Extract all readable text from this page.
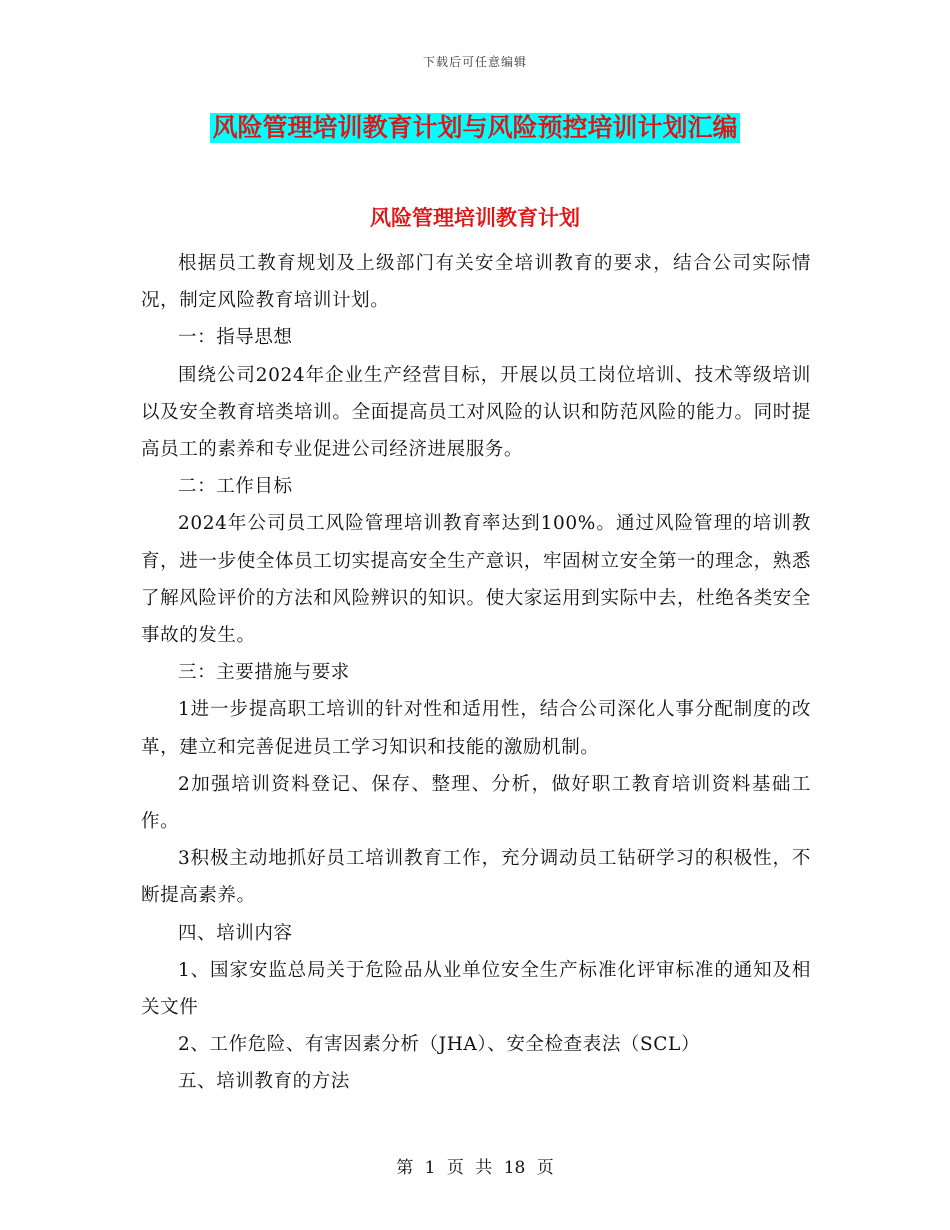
下载后可任意编辑
风险管理培训教育计划与风险预控培训计划汇编
风险管理培训教育计划

根据员工教育规划及上级部门有关安全培训教育的要求，结合公司实际情况，制定风险教育培训计划。

一：指导思想

围绕公司2024年企业生产经营目标，开展以员工岗位培训、技术等级培训以及安全教育培类培训。全面提高员工对风险的认识和防范风险的能力。同时提高员工的素养和专业促进公司经济进展服务。

二：工作目标

2024年公司员工风险管理培训教育率达到100%。通过风险管理的培训教育，进一步使全体员工切实提高安全生产意识，牢固树立安全第一的理念，熟悉了解风险评价的方法和风险辨识的知识。使大家运用到实际中去，杜绝各类安全事故的发生。

三：主要措施与要求

1进一步提高职工培训的针对性和适用性，结合公司深化人事分配制度的改革，建立和完善促进员工学习知识和技能的激励机制。

2加强培训资料登记、保存、整理、分析，做好职工教育培训资料基础工作。

3积极主动地抓好员工培训教育工作，充分调动员工钻研学习的积极性，不断提高素养。

四、培训内容

1、国家安监总局关于危险品从业单位安全生产标准化评审标准的通知及相关文件

2、工作危险、有害因素分析（JHA）、安全检查表法（SCL）

五、培训教育的方法

第 1 页 共 18 页
